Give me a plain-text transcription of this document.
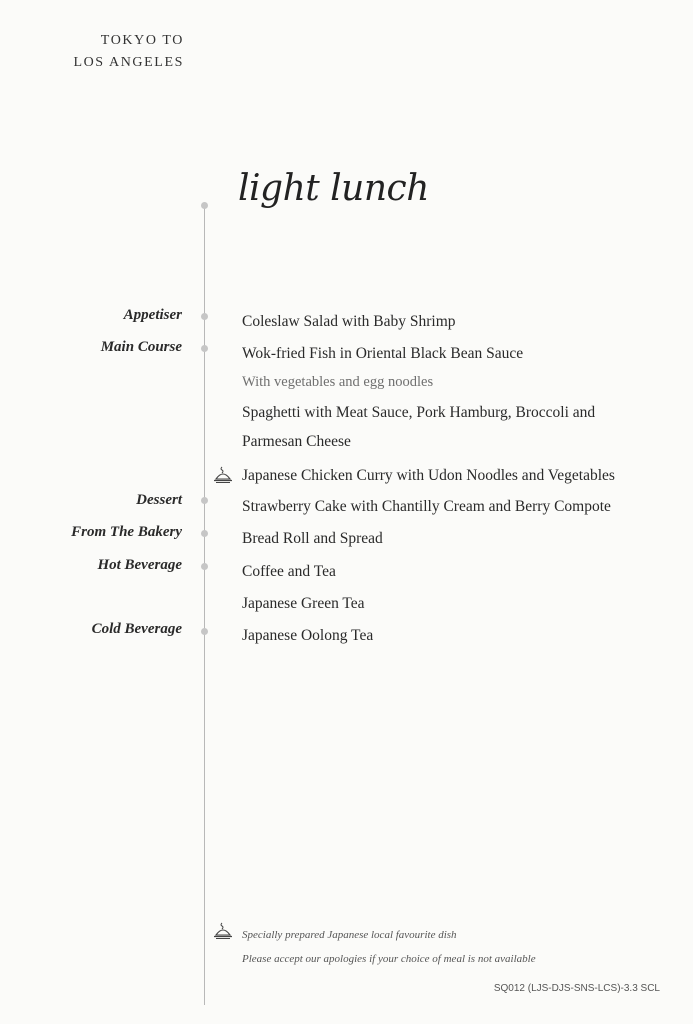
TOKYO TO
LOS ANGELES
light lunch
Appetiser
Main Course
Dessert
From The Bakery
Hot Beverage
Cold Beverage
Coleslaw Salad with Baby Shrimp
Wok-fried Fish in Oriental Black Bean Sauce
With vegetables and egg noodles
Spaghetti with Meat Sauce, Pork Hamburg, Broccoli and
Parmesan Cheese
Japanese Chicken Curry with Udon Noodles and Vegetables
Strawberry Cake with Chantilly Cream and Berry Compote
Bread Roll and Spread
Coffee and Tea
Japanese Green Tea
Japanese Oolong Tea
Specially prepared Japanese local favourite dish
Please accept our apologies if your choice of meal is not available
SQ012 (LJS-DJS-SNS-LCS)-3.3 SCL
